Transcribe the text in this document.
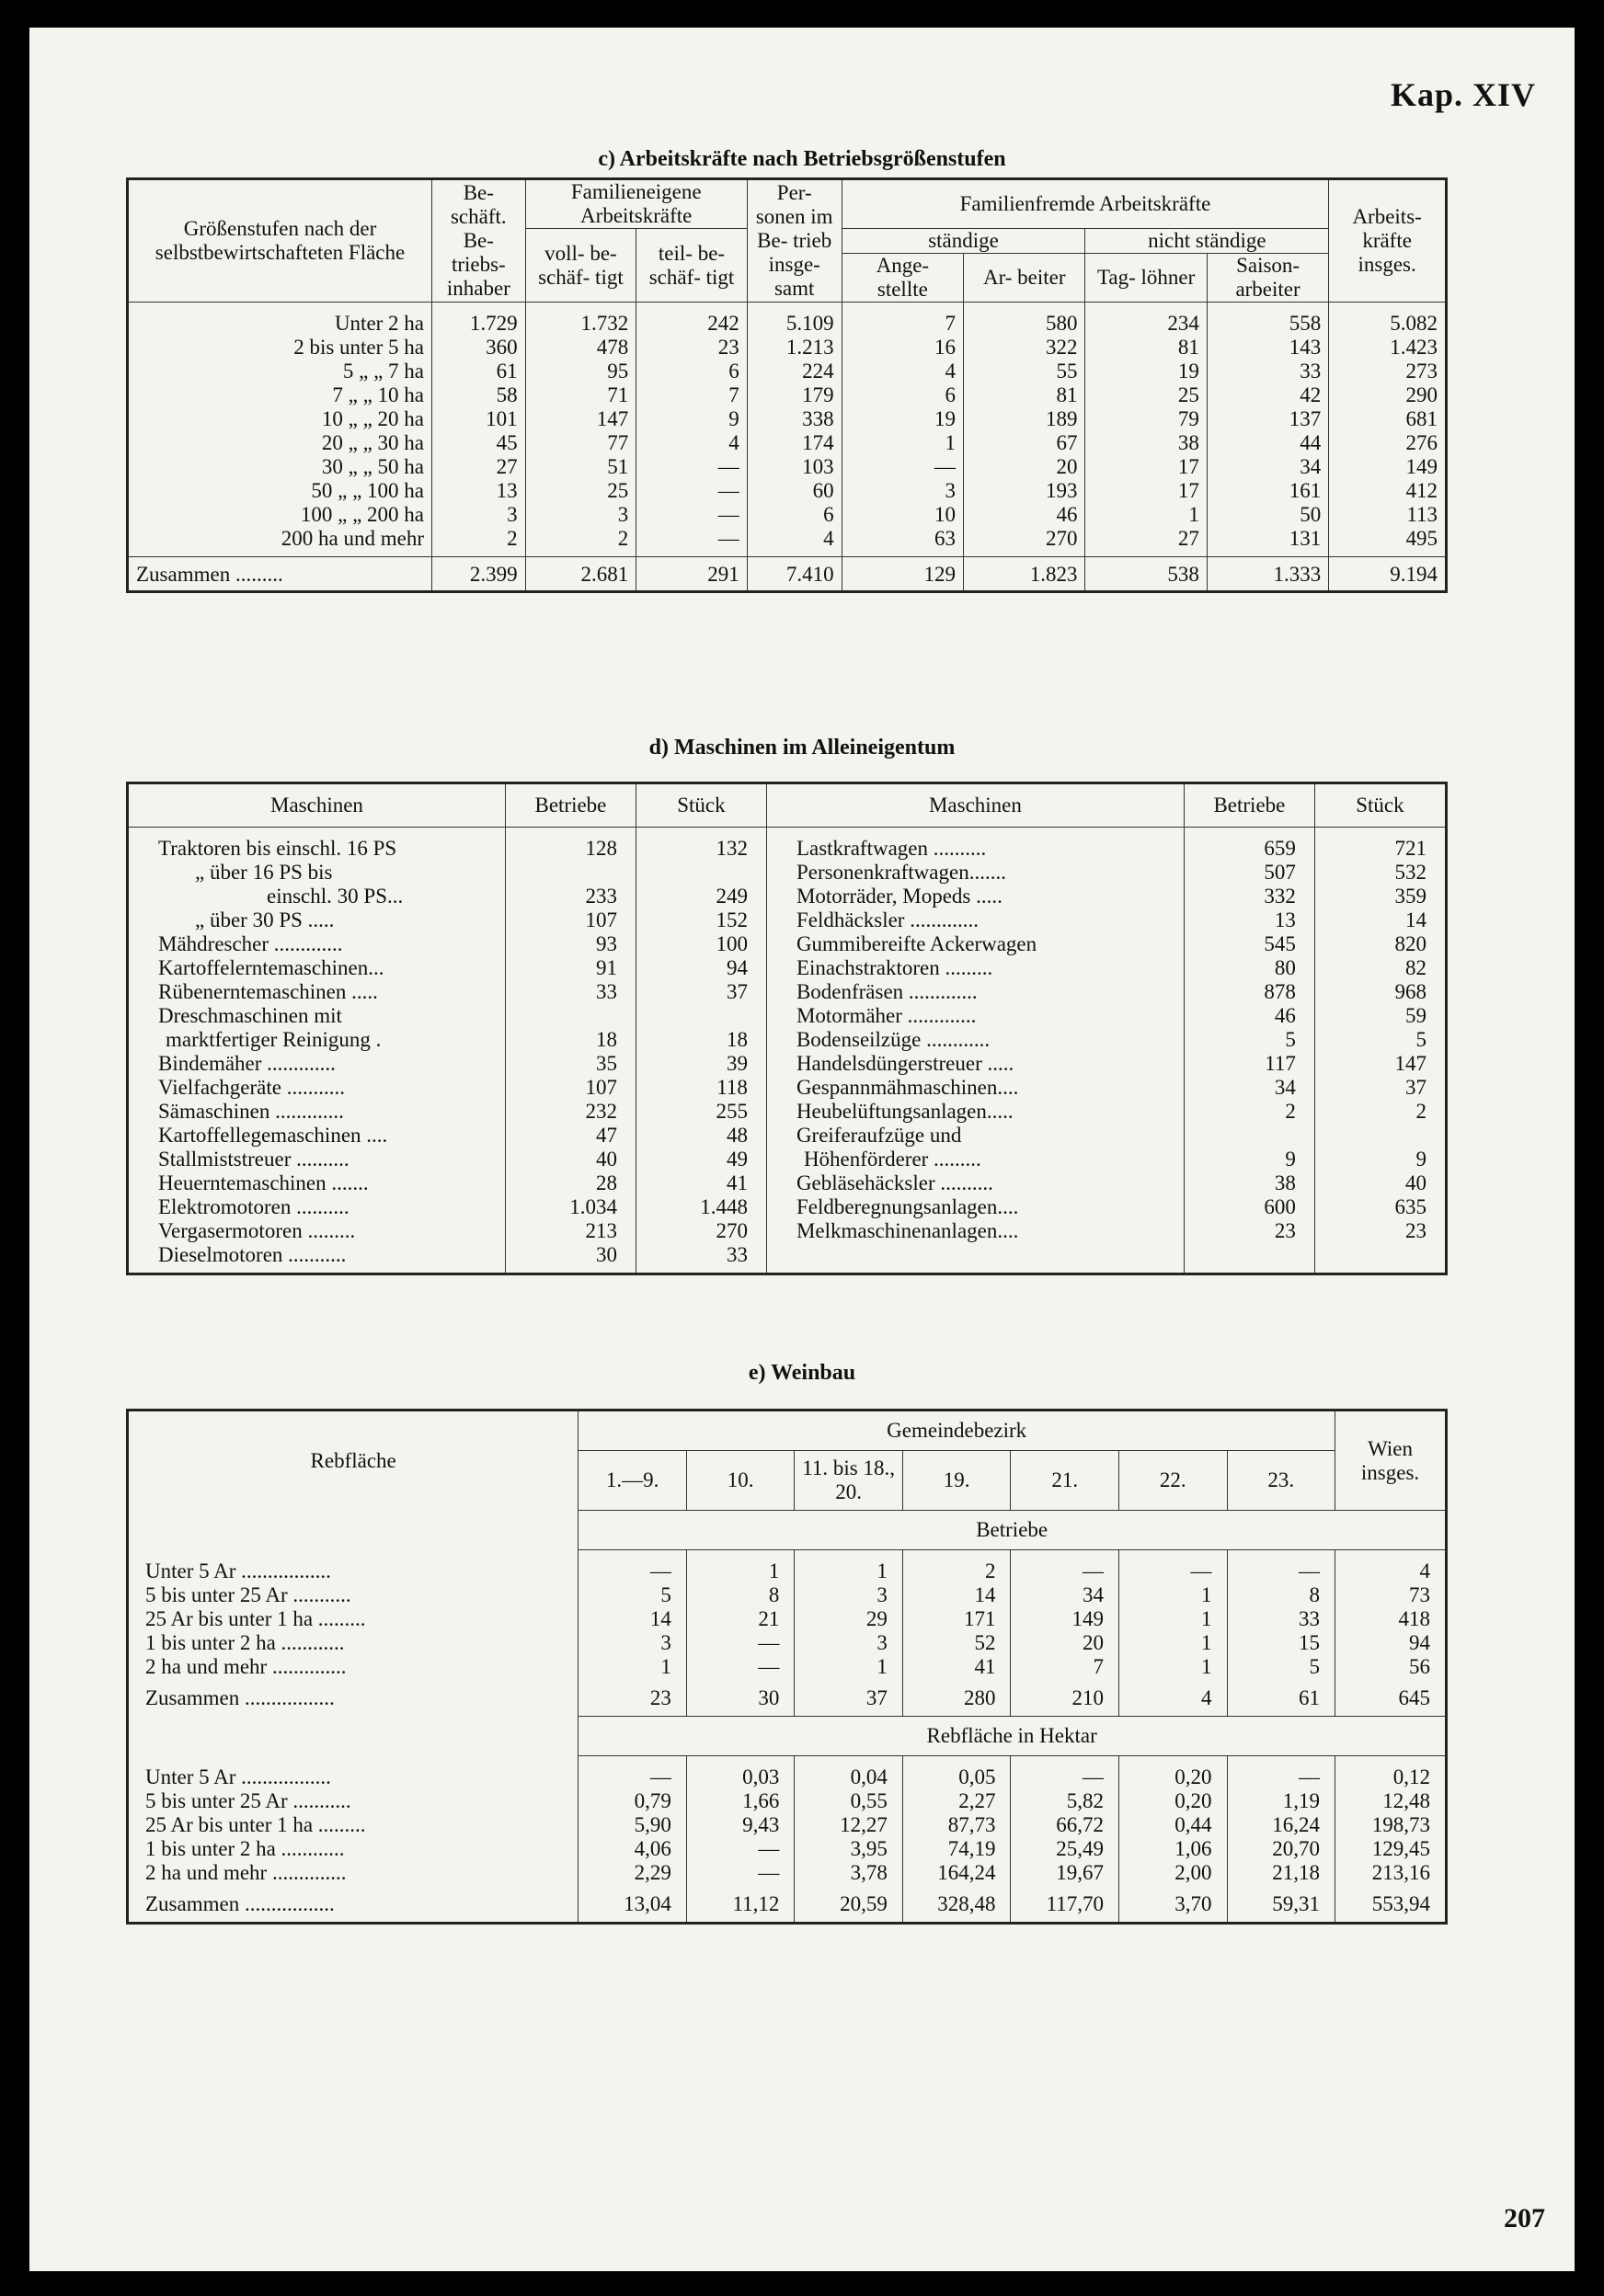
Kap. XIV
c) Arbeitskräfte nach Betriebsgrößenstufen
Größenstufen nach der selbstbewirtschafteten Fläche	Be- schäft. Be- triebs- inhaber	Familieneigene Arbeitskräfte		Per- sonen im Be- trieb insge- samt	Familienfremde Arbeitskräfte				Arbeits- kräfte insges.
		voll- be- schäf- tigt	teil- be- schäf- tigt		ständige		nicht ständige		
					Ange- stellte	Ar- beiter	Tag- löhner	Saison- arbeiter	
Unter 2 ha	1.729	1.732	242	5.109	7	580	234	558	5.082
2 bis unter 5 ha	360	478	23	1.213	16	322	81	143	1.423
5 „ „ 7 ha	61	95	6	224	4	55	19	33	273
7 „ „ 10 ha	58	71	7	179	6	81	25	42	290
10 „ „ 20 ha	101	147	9	338	19	189	79	137	681
20 „ „ 30 ha	45	77	4	174	1	67	38	44	276
30 „ „ 50 ha	27	51	—	103	—	20	17	34	149
50 „ „ 100 ha	13	25	—	60	3	193	17	161	412
100 „ „ 200 ha	3	3	—	6	10	46	1	50	113
200 ha und mehr	2	2	—	4	63	270	27	131	495
Zusammen .........	2.399	2.681	291	7.410	129	1.823	538	1.333	9.194
d) Maschinen im Alleineigentum
Maschinen	Betriebe	Stück	Maschinen	Betriebe	Stück
Traktoren bis einschl. 16 PS	128	132	Lastkraftwagen ..........	659	721
„ über 16 PS bis			Personenkraftwagen.......	507	532
einschl. 30 PS...	233	249	Motorräder, Mopeds .....	332	359
„ über 30 PS .....	107	152	Feldhäcksler .............	13	14
Mähdrescher .............	93	100	Gummibereifte Ackerwagen	545	820
Kartoffelerntemaschinen...	91	94	Einachstraktoren .........	80	82
Rübenerntemaschinen .....	33	37	Bodenfräsen .............	878	968
Dreschmaschinen mit			Motormäher .............	46	59
marktfertiger Reinigung .	18	18	Bodenseilzüge ............	5	5
Bindemäher .............	35	39	Handelsdüngerstreuer .....	117	147
Vielfachgeräte ...........	107	118	Gespannmähmaschinen....	34	37
Sämaschinen .............	232	255	Heubelüftungsanlagen.....	2	2
Kartoffellegemaschinen ....	47	48	Greiferaufzüge und		
Stallmiststreuer ..........	40	49	Höhenförderer .........	9	9
Heuerntemaschinen .......	28	41	Gebläsehäcksler ..........	38	40
Elektromotoren ..........	1.034	1.448	Feldberegnungsanlagen....	600	635
Vergasermotoren .........	213	270	Melkmaschinenanlagen....	23	23
Dieselmotoren ...........	30	33			
e) Weinbau
Rebfläche	Gemeindebezirk							Wien insges.
	1.—9.	10.	11. bis 18., 20.	19.	21.	22.	23.	
	Betriebe							
Unter 5 Ar .................	—	1	1	2	—	—	—	4
5 bis unter 25 Ar ...........	5	8	3	14	34	1	8	73
25 Ar bis unter 1 ha .........	14	21	29	171	149	1	33	418
1 bis unter 2 ha ............	3	—	3	52	20	1	15	94
2 ha und mehr ..............	1	—	1	41	7	1	5	56
Zusammen .................	23	30	37	280	210	4	61	645
	Rebfläche in Hektar							
Unter 5 Ar .................	—	0,03	0,04	0,05	—	0,20	—	0,12
5 bis unter 25 Ar ...........	0,79	1,66	0,55	2,27	5,82	0,20	1,19	12,48
25 Ar bis unter 1 ha .........	5,90	9,43	12,27	87,73	66,72	0,44	16,24	198,73
1 bis unter 2 ha ............	4,06	—	3,95	74,19	25,49	1,06	20,70	129,45
2 ha und mehr ..............	2,29	—	3,78	164,24	19,67	2,00	21,18	213,16
Zusammen .................	13,04	11,12	20,59	328,48	117,70	3,70	59,31	553,94
207
